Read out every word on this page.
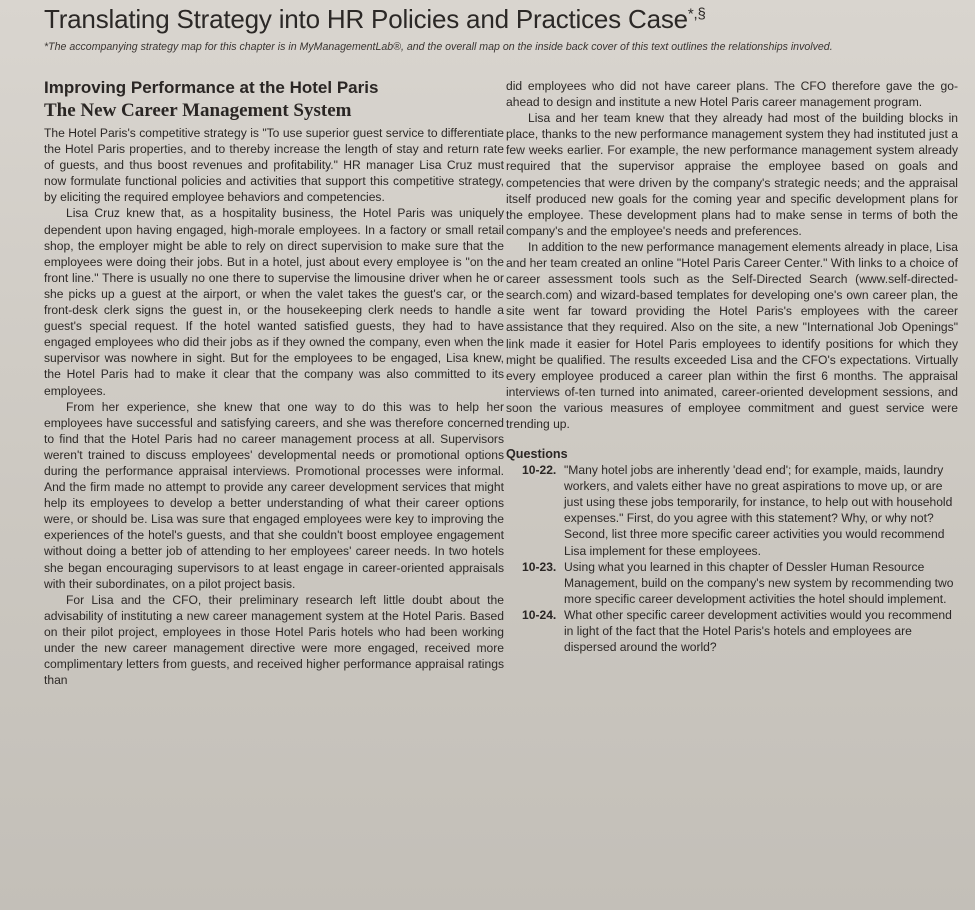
Translating Strategy into HR Policies and Practices Case*,§
*The accompanying strategy map for this chapter is in MyManagementLab®, and the overall map on the inside back cover of this text outlines the relationships involved.
Improving Performance at the Hotel Paris
The New Career Management System

The Hotel Paris's competitive strategy is "To use superior guest service to differentiate the Hotel Paris properties, and to thereby increase the length of stay and return rate of guests, and thus boost revenues and profitability." HR manager Lisa Cruz must now formulate functional policies and activities that support this competitive strategy, by eliciting the required employee behaviors and competencies.

Lisa Cruz knew that, as a hospitality business, the Hotel Paris was uniquely dependent upon having engaged, high-morale employees. In a factory or small retail shop, the employer might be able to rely on direct supervision to make sure that the employees were doing their jobs. But in a hotel, just about every employee is "on the front line." There is usually no one there to supervise the limousine driver when he or she picks up a guest at the airport, or when the valet takes the guest's car, or the front-desk clerk signs the guest in, or the housekeeping clerk needs to handle a guest's special request. If the hotel wanted satisfied guests, they had to have engaged employees who did their jobs as if they owned the company, even when the supervisor was nowhere in sight. But for the employees to be engaged, Lisa knew, the Hotel Paris had to make it clear that the company was also committed to its employees.

From her experience, she knew that one way to do this was to help her employees have successful and satisfying careers, and she was therefore concerned to find that the Hotel Paris had no career management process at all. Supervisors weren't trained to discuss employees' developmental needs or promotional options during the performance appraisal interviews. Promotional processes were informal. And the firm made no attempt to provide any career development services that might help its employees to develop a better understanding of what their career options were, or should be. Lisa was sure that engaged employees were key to improving the experiences of the hotel's guests, and that she couldn't boost employee engagement without doing a better job of attending to her employees' career needs. In two hotels she began encouraging supervisors to at least engage in career-oriented appraisals with their subordinates, on a pilot project basis.

For Lisa and the CFO, their preliminary research left little doubt about the advisability of instituting a new career management system at the Hotel Paris. Based on their pilot project, employees in those Hotel Paris hotels who had been working under the new career management directive were more engaged, received more complimentary letters from guests, and received higher performance appraisal ratings than

did employees who did not have career plans. The CFO therefore gave the go-ahead to design and institute a new Hotel Paris career management program.

Lisa and her team knew that they already had most of the building blocks in place, thanks to the new performance management system they had instituted just a few weeks earlier. For example, the new performance management system already required that the supervisor appraise the employee based on goals and competencies that were driven by the company's strategic needs; and the appraisal itself produced new goals for the coming year and specific development plans for the employee. These development plans had to make sense in terms of both the company's and the employee's needs and preferences.

In addition to the new performance management elements already in place, Lisa and her team created an online "Hotel Paris Career Center." With links to a choice of career assessment tools such as the Self-Directed Search (www.self-directed-search.com) and wizard-based templates for developing one's own career plan, the site went far toward providing the Hotel Paris's employees with the career assistance that they required. Also on the site, a new "International Job Openings" link made it easier for Hotel Paris employees to identify positions for which they might be qualified. The results exceeded Lisa and the CFO's expectations. Virtually every employee produced a career plan within the first 6 months. The appraisal interviews of-ten turned into animated, career-oriented development sessions, and soon the various measures of employee commitment and guest service were trending up.

Questions
10-22. "Many hotel jobs are inherently 'dead end'; for example, maids, laundry workers, and valets either have no great aspirations to move up, or are just using these jobs temporarily, for instance, to help out with household expenses." First, do you agree with this statement? Why, or why not? Second, list three more specific career activities you would recommend Lisa implement for these employees.
10-23. Using what you learned in this chapter of Dessler Human Resource Management, build on the company's new system by recommending two more specific career development activities the hotel should implement.
10-24. What other specific career development activities would you recommend in light of the fact that the Hotel Paris's hotels and employees are dispersed around the world?
